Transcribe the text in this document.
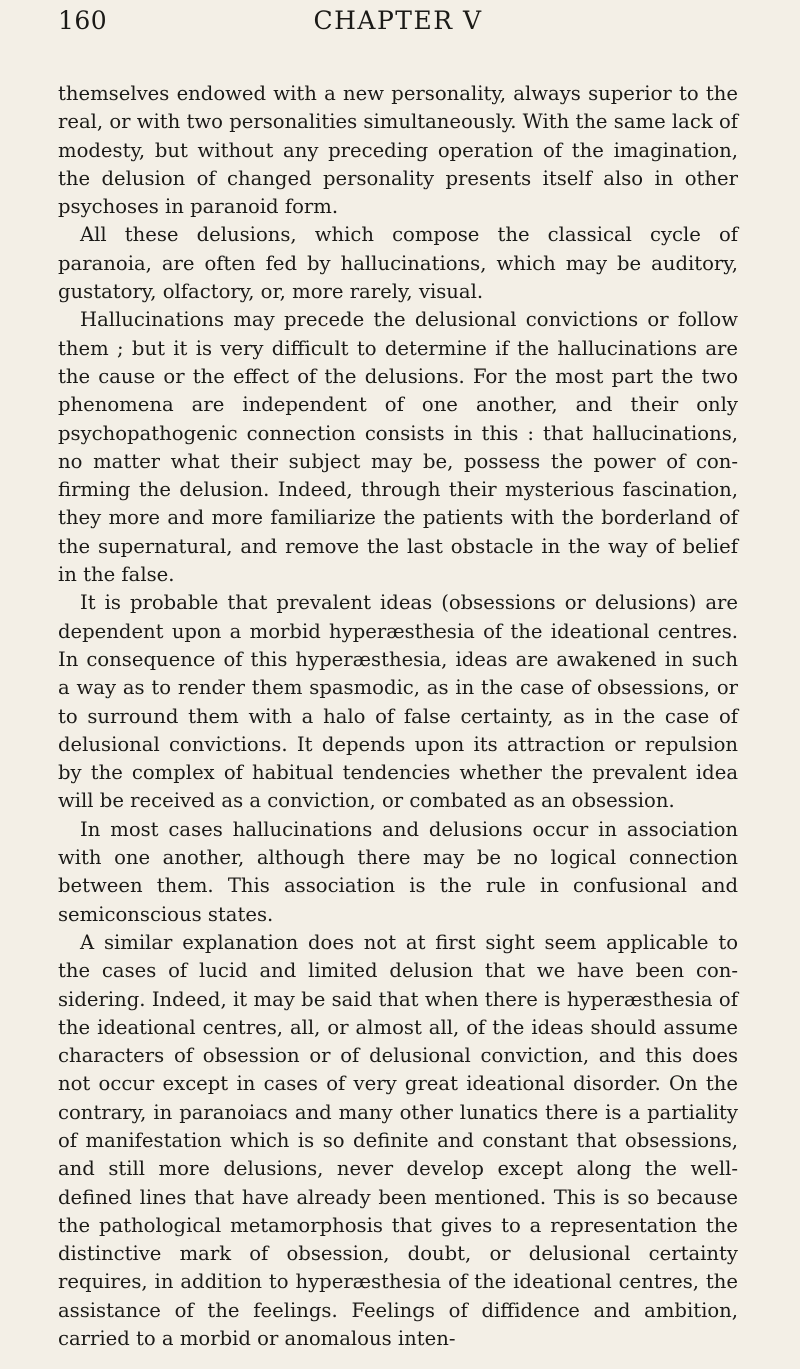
160	CHAPTER V

themselves endowed with a new personality, always superior to the real, or with two personalities simultaneously. With the same lack of modesty, but without any preceding operation of the imagination, the delusion of changed personality presents itself also in other psychoses in paranoid form.

All these delusions, which compose the classical cycle of paranoia, are often fed by hallucinations, which may be auditory, gustatory, olfactory, or, more rarely, visual.

Hallucinations may precede the delusional convictions or follow them ; but it is very difficult to determine if the hallucinations are the cause or the effect of the delusions. For the most part the two phenomena are independent of one another, and their only psychopathogenic connection consists in this : that hallucinations, no matter what their subject may be, possess the power of confirming the delusion. Indeed, through their mysterious fascination, they more and more familiarize the patients with the borderland of the supernatural, and remove the last obstacle in the way of belief in the false.

It is probable that prevalent ideas (obsessions or delusions) are dependent upon a morbid hyperæsthesia of the ideational centres. In consequence of this hyperæsthesia, ideas are awakened in such a way as to render them spasmodic, as in the case of obsessions, or to surround them with a halo of false certainty, as in the case of delusional convictions. It depends upon its attraction or repulsion by the complex of habitual tendencies whether the prevalent idea will be received as a conviction, or combated as an obsession.

In most cases hallucinations and delusions occur in association with one another, although there may be no logical connection between them. This association is the rule in confusional and semiconscious states.

A similar explanation does not at first sight seem applicable to the cases of lucid and limited delusion that we have been considering. Indeed, it may be said that when there is hyperæsthesia of the ideational centres, all, or almost all, of the ideas should assume characters of obsession or of delusional conviction, and this does not occur except in cases of very great ideational disorder. On the contrary, in paranoiacs and many other lunatics there is a partiality of manifestation which is so definite and constant that obsessions, and still more delusions, never develop except along the well-defined lines that have already been mentioned. This is so because the pathological metamorphosis that gives to a representation the distinctive mark of obsession, doubt, or delusional certainty requires, in addition to hyperæsthesia of the ideational centres, the assistance of the feelings. Feelings of diffidence and ambition, carried to a morbid or anomalous inten-
